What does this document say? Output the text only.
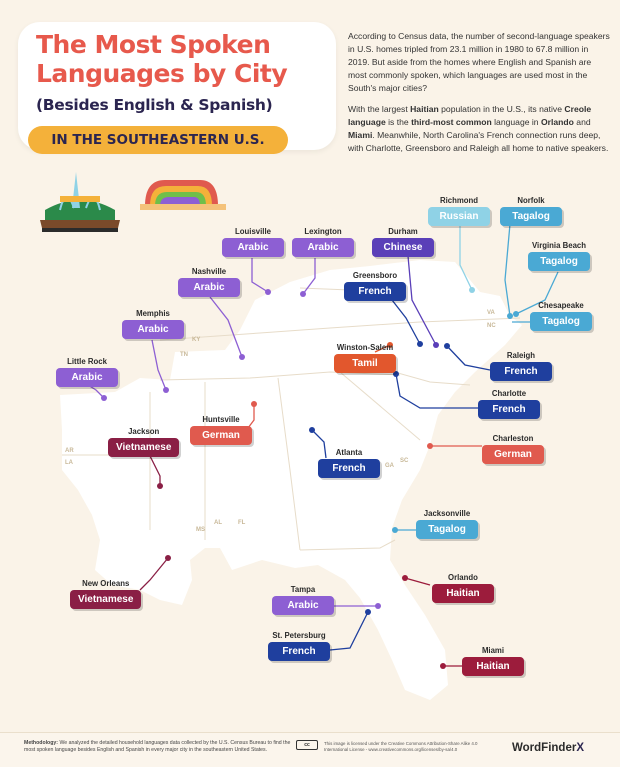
The Most Spoken Languages by City
(Besides English & Spanish)
IN THE SOUTHEASTERN U.S.

According to Census data, the number of second-language speakers in U.S. homes tripled from 23.1 million in 1980 to 67.8 million in 2019. But aside from the homes where English and Spanish are most commonly spoken, which languages are used most in the South's major cities?

With the largest Haitian population in the U.S., its native Creole language is the third-most common language in Orlando and Miami. Meanwhile, North Carolina's French connection runs deep, with Charlotte, Greensboro and Raleigh all home to native speakers.

VA
NC
KY
TN
AR
LA
MS
AL
GA
SC
FL
Louisville
Arabic
Lexington
Arabic
Durham
Chinese
Richmond
Russian
Norfolk
Tagalog
Virginia Beach
Tagalog
Nashville
Arabic
Greensboro
French
Chesapeake
Tagalog
Memphis
Arabic
Winston-Salem
Tamil
Raleigh
French
Little Rock
Arabic
Charlotte
French
Huntsville
German
Jackson
Vietnamese
Charleston
German
Atlanta
French
Jacksonville
Tagalog
New Orleans
Vietnamese
Orlando
Haitian
Tampa
Arabic
St. Petersburg
French	Miami
Haitian
Methodology: We analyzed the detailed household languages data collected by the U.S. Census Bureau to find the most spoken language besides English and Spanish in every major city in the southeastern United States.
cc	This image is licensed under the Creative Commons Attribution-Share Alike 4.0 International License - www.creativecommons.org/licenses/by-sa/4.0	WordFinderX
